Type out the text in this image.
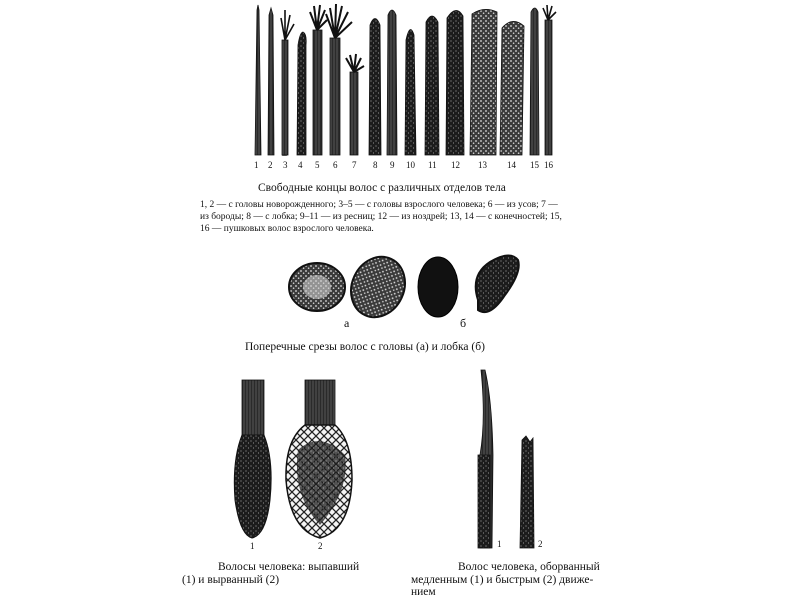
1 2 3 4 5 6 7 8 9 10 11 12 13 14 15 16
Свободные концы волос с различных отделов тела
1, 2 — с головы новорожденного; 3–5 — с головы взрослого человека; 6 — из усов; 7 —
из бороды; 8 — с лобка; 9–11 — из ресниц; 12 — из ноздрей; 13, 14 — с конечностей; 15,
16 — пушковых волос взрослого человека.
а	б
Поперечные срезы волос с головы (а) и лобка (б)
1	2
Волосы человека: выпавший
(1) и вырванный (2)
1	2
Волос человека, оборванный
медленным (1) и быстрым (2) движе-
нием
